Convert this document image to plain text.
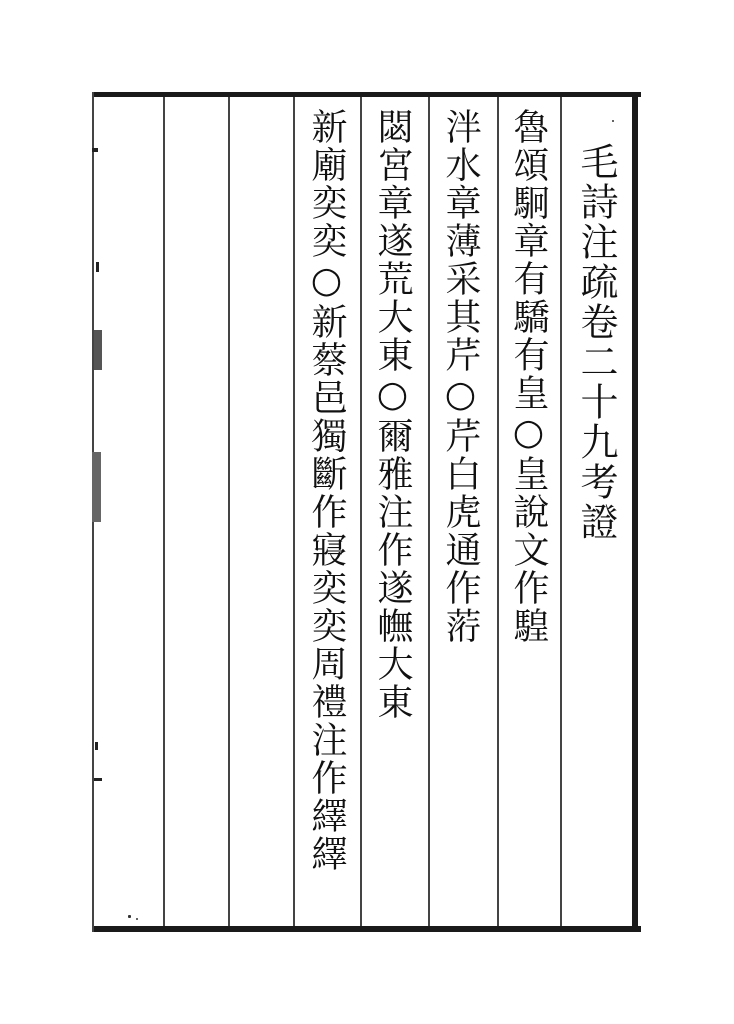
毛詩注疏卷二十九考證
魯頌駉章有驕有皇○皇說文作騜
泮水章薄采其芹○芹白虎通作䓷
閟宮章遂荒大東○爾雅注作遂幠大東
新廟奕奕○新蔡邑獨斷作寢奕奕周禮注作繹繹
